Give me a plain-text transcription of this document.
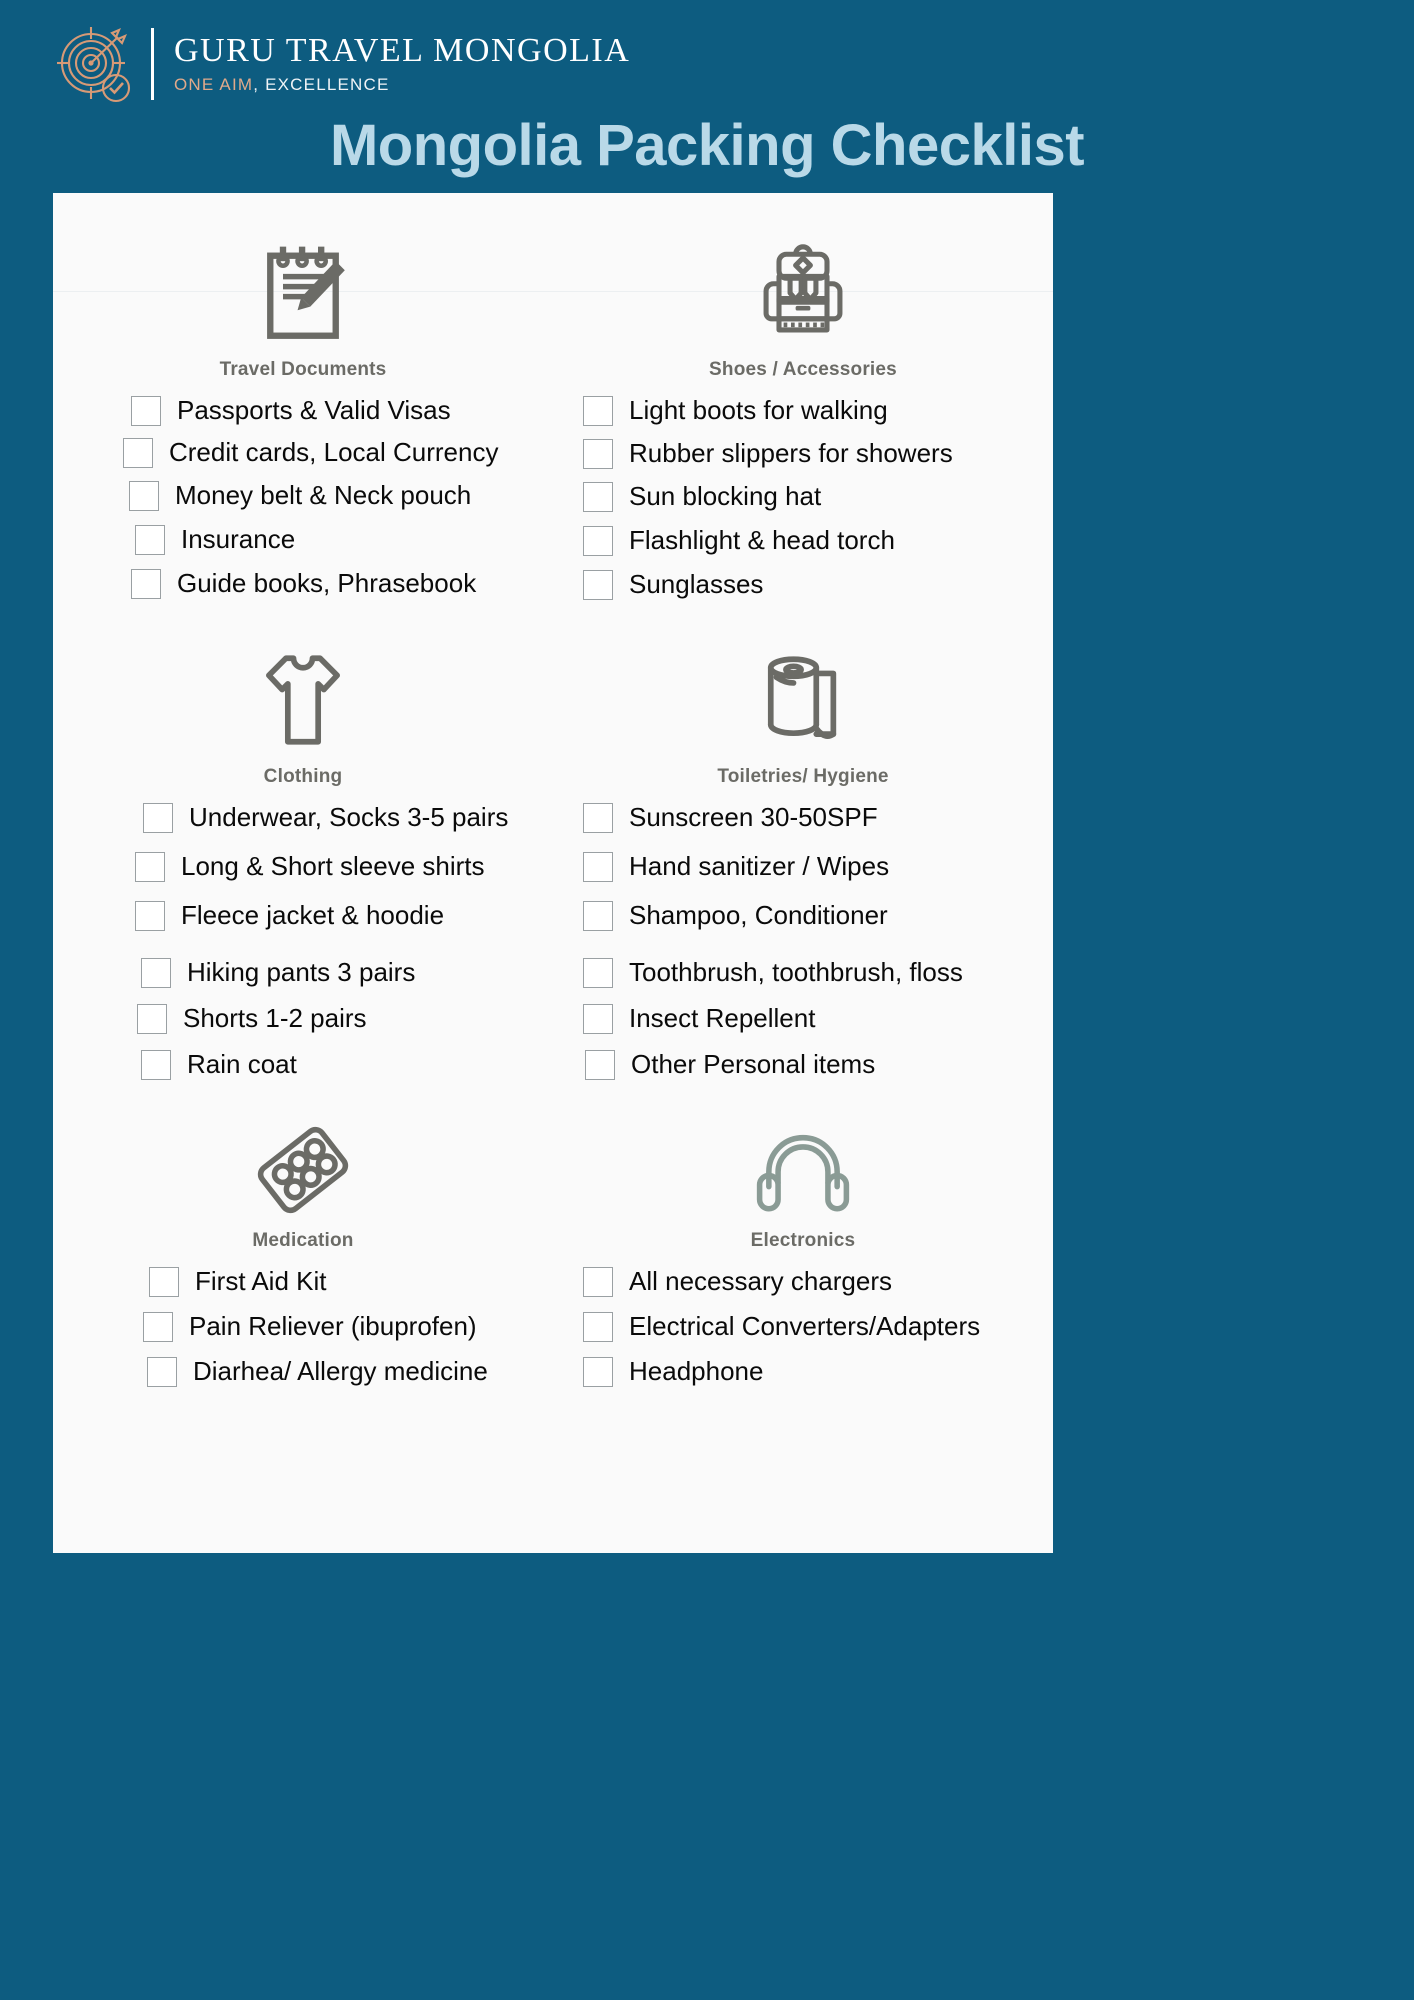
GURU TRAVEL MONGOLIA
ONE AIM, EXCELLENCE
Mongolia Packing Checklist
Travel Documents
Passports & Valid Visas
Credit cards, Local Currency
Money belt & Neck pouch
Insurance
Guide books, Phrasebook
Shoes / Accessories
Light boots for walking
Rubber slippers for showers
Sun blocking hat
Flashlight & head torch
Sunglasses
Clothing
Underwear, Socks 3-5 pairs
Long & Short sleeve shirts
Fleece jacket & hoodie
Hiking pants 3 pairs
Shorts 1-2 pairs
Rain coat
Toiletries/ Hygiene
Sunscreen 30-50SPF
Hand sanitizer / Wipes
Shampoo, Conditioner
Toothbrush, toothbrush, floss
Insect Repellent
Other Personal items
Medication
First Aid Kit
Pain Reliever (ibuprofen)
Diarhea/ Allergy medicine
Electronics
All necessary chargers
Electrical Converters/Adapters
Headphone
